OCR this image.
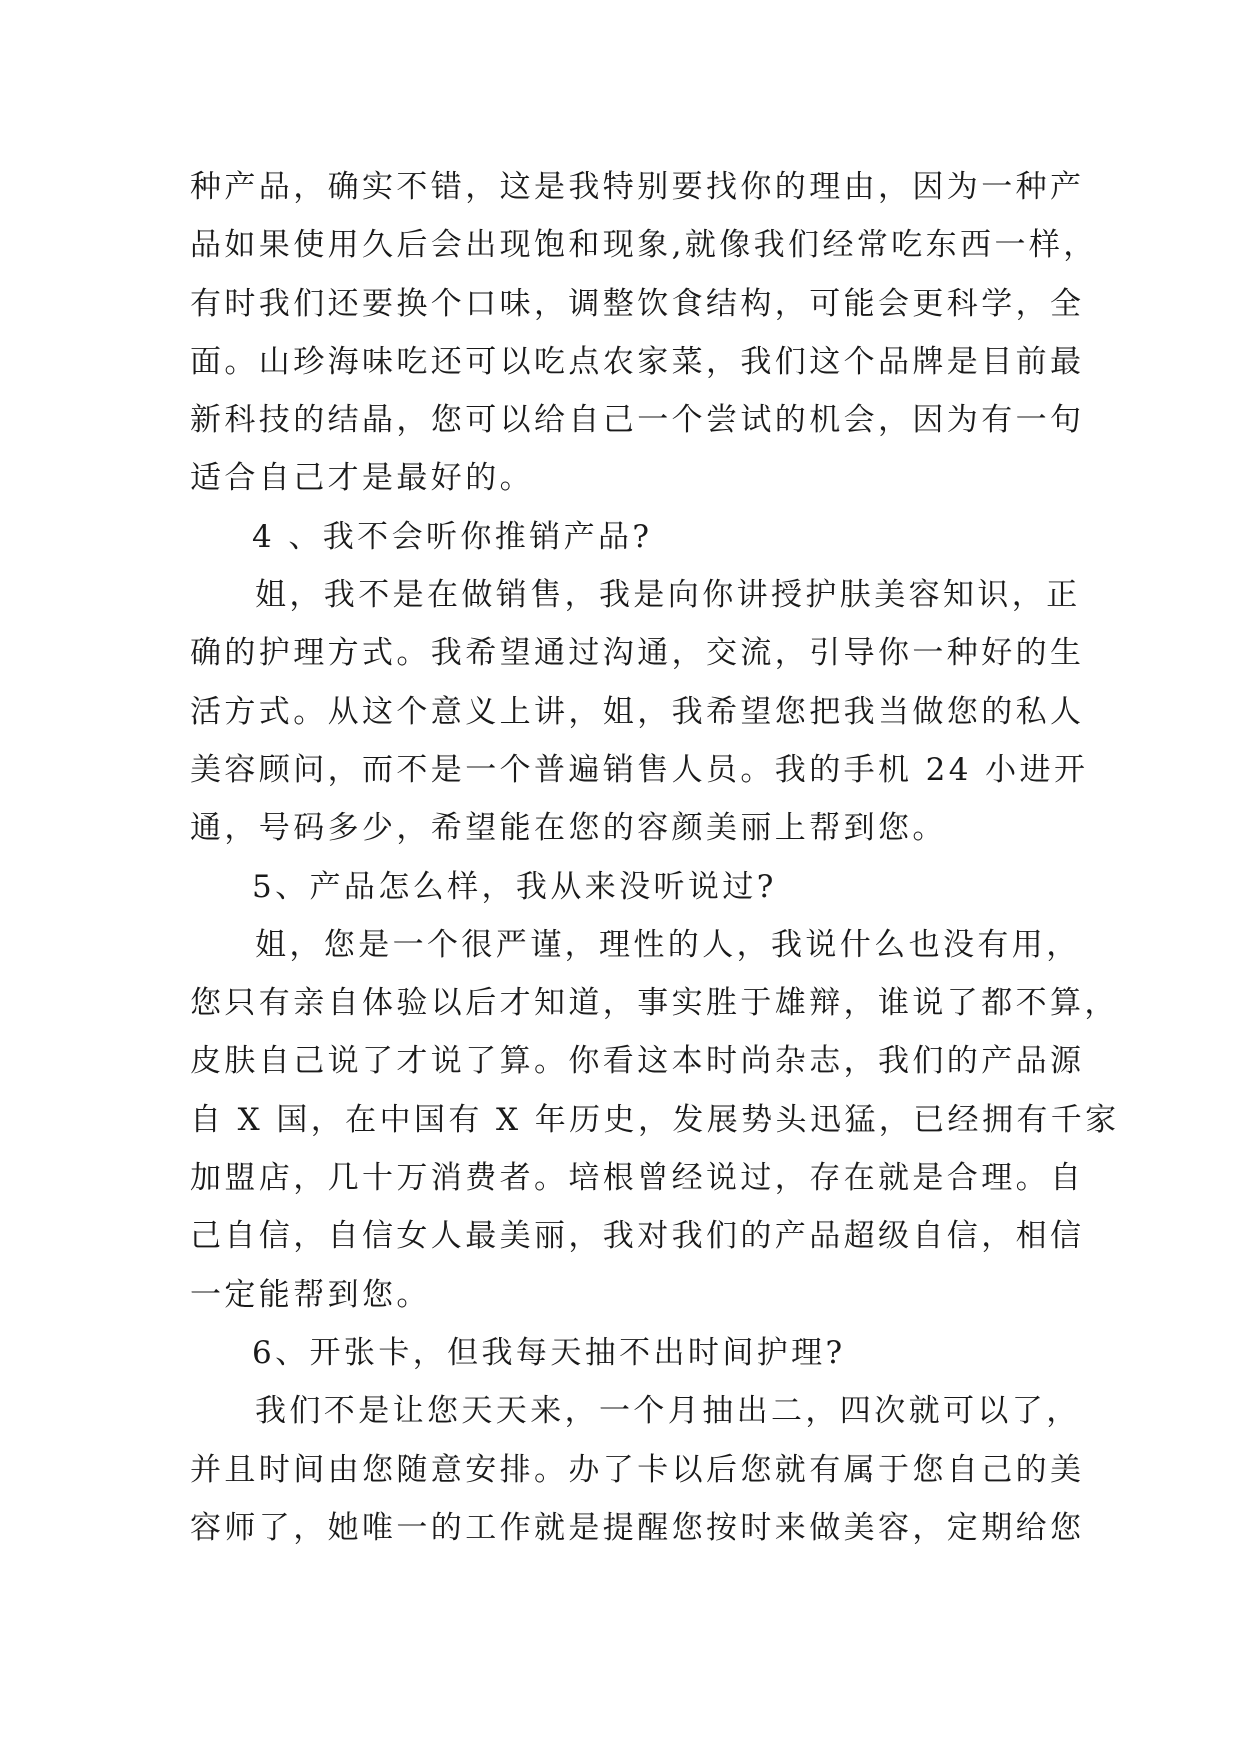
种产品，确实不错，这是我特别要找你的理由，因为一种产
品如果使用久后会出现饱和现象,就像我们经常吃东西一样，
有时我们还要换个口味，调整饮食结构，可能会更科学，全
面。山珍海味吃还可以吃点农家菜，我们这个品牌是目前最
新科技的结晶，您可以给自己一个尝试的机会，因为有一句
适合自己才是最好的。
4 、我不会听你推销产品?
姐，我不是在做销售，我是向你讲授护肤美容知识，正
确的护理方式。我希望通过沟通，交流，引导你一种好的生
活方式。从这个意义上讲，姐，我希望您把我当做您的私人
美容顾问，而不是一个普遍销售人员。我的手机 24 小进开
通，号码多少，希望能在您的容颜美丽上帮到您。
5、产品怎么样，我从来没听说过?
姐，您是一个很严谨，理性的人，我说什么也没有用，
您只有亲自体验以后才知道，事实胜于雄辩，谁说了都不算，
皮肤自己说了才说了算。你看这本时尚杂志，我们的产品源
自 X 国，在中国有 X 年历史，发展势头迅猛，已经拥有千家
加盟店，几十万消费者。培根曾经说过，存在就是合理。自
己自信，自信女人最美丽，我对我们的产品超级自信，相信
一定能帮到您。
6、开张卡，但我每天抽不出时间护理?
我们不是让您天天来，一个月抽出二，四次就可以了，
并且时间由您随意安排。办了卡以后您就有属于您自己的美
容师了，她唯一的工作就是提醒您按时来做美容，定期给您
